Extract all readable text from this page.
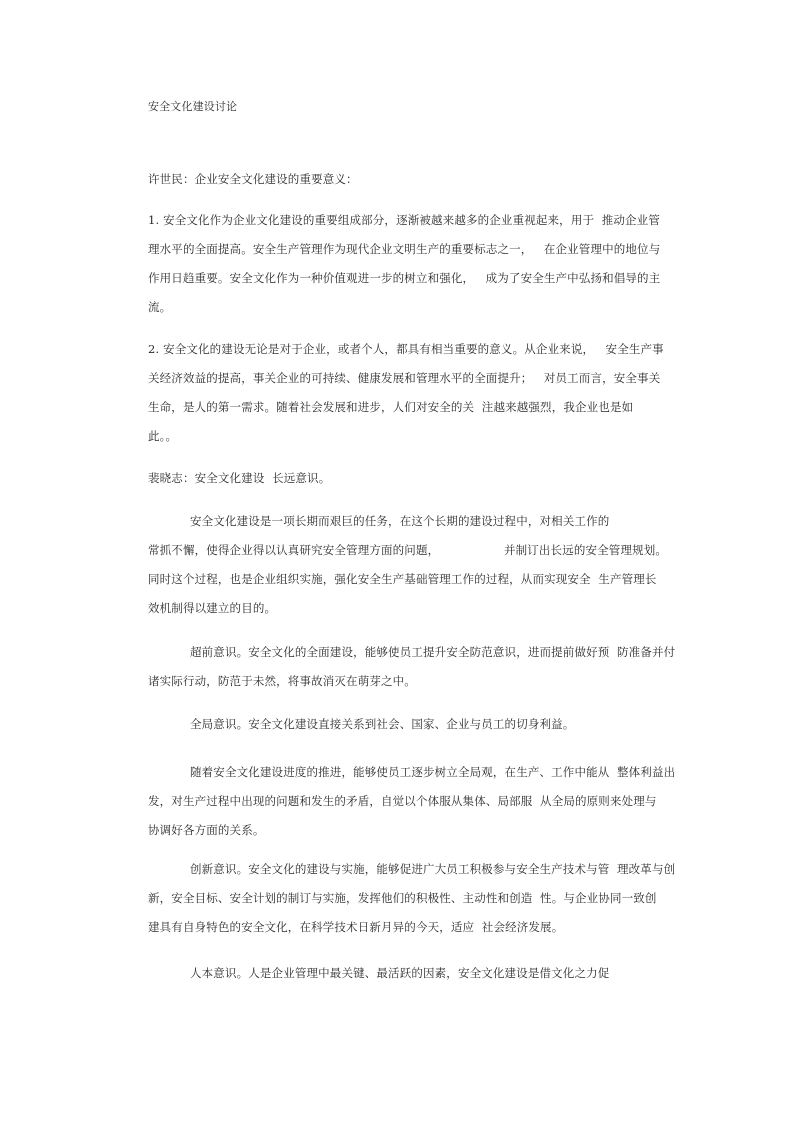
安全文化建设讨论
许世民：企业安全文化建设的重要意义：
1. 安全文化作为企业文化建设的重要组成部分，逐渐被越来越多的企业重视起来，用于  推动企业管
理水平的全面提高。安全生产管理作为现代企业文明生产的重要标志之一，   在企业管理中的地位与
作用日趋重要。安全文化作为一种价值观进一步的树立和强化，   成为了安全生产中弘扬和倡导的主
流。
2. 安全文化的建设无论是对于企业，或者个人，都具有相当重要的意义。从企业来说，   安全生产事
关经济效益的提高，事关企业的可持续、健康发展和管理水平的全面提升；   对员工而言，安全事关
生命，是人的第一需求。随着社会发展和进步，人们对安全的关  注越来越强烈，我企业也是如
此。。
裴晓志：安全文化建设  长远意识。
安全文化建设是一项长期而艰巨的任务，在这个长期的建设过程中，对相关工作的
常抓不懈，使得企业得以认真研究安全管理方面的问题，                 并制订出长远的安全管理规划。
同时这个过程，也是企业组织实施，强化安全生产基础管理工作的过程，从而实现安全  生产管理长
效机制得以建立的目的。
超前意识。安全文化的全面建设，能够使员工提升安全防范意识，进而提前做好预  防准备并付
诸实际行动，防范于未然，将事故消灭在萌芽之中。
全局意识。安全文化建设直接关系到社会、国家、企业与员工的切身利益。
随着安全文化建设进度的推进，能够使员工逐步树立全局观，在生产、工作中能从  整体利益出
发，对生产过程中出现的问题和发生的矛盾，自觉以个体服从集体、局部服  从全局的原则来处理与
协调好各方面的关系。
创新意识。安全文化的建设与实施，能够促进广大员工积极参与安全生产技术与管  理改革与创
新，安全目标、安全计划的制订与实施，发挥他们的积极性、主动性和创造  性。与企业协同一致创
建具有自身特色的安全文化，在科学技术日新月异的今天，适应  社会经济发展。
人本意识。人是企业管理中最关键、最活跃的因素，安全文化建设是借文化之力促
